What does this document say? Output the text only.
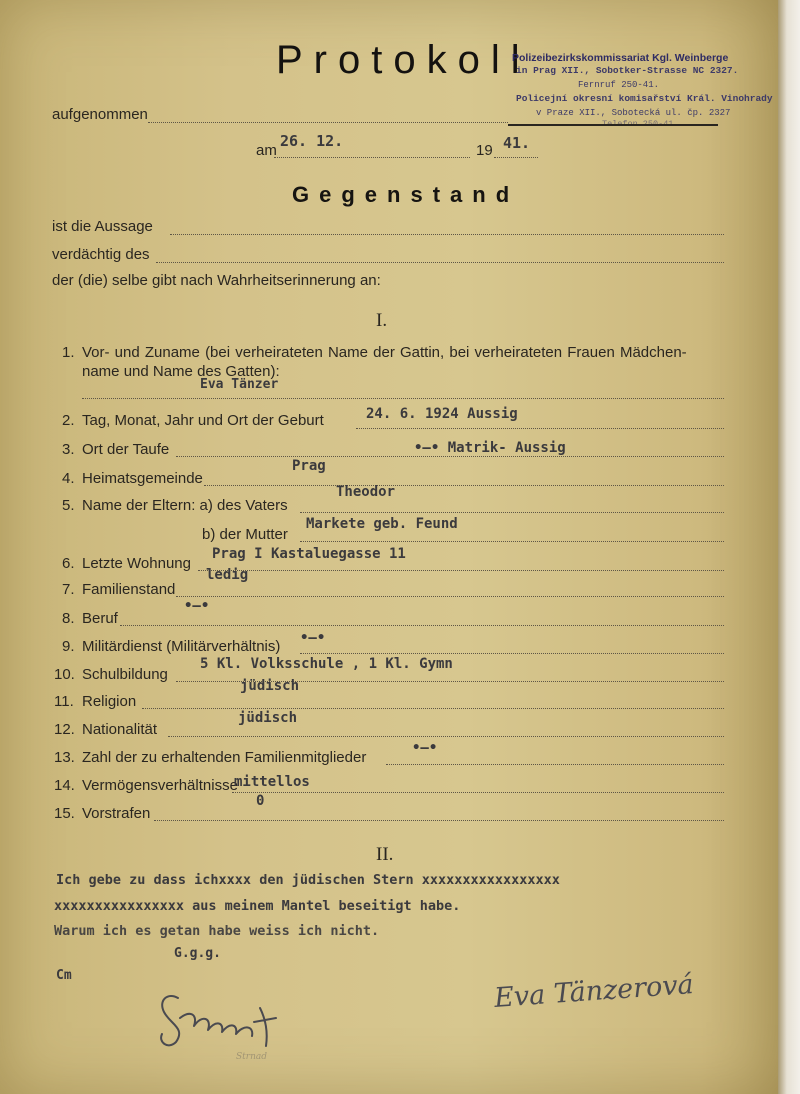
Protokoll
Polizeibezirkskommissariat Kgl. Weinberge
in Prag XII., Sobotker-Strasse NC 2327.
Fernruf 250-41.
Policejní okresní komisařství Král. Vinohrady
v Praze XII., Sobotecká ul. čp. 2327
Telefon 250-41.
aufgenommen
am
26. 12.
19 41.
Gegenstand
ist die Aussage
verdächtig des
der (die) selbe gibt nach Wahrheitserinnerung an:
I.
1. Vor- und Zuname (bei verheirateten Name der Gattin, bei verheirateten Frauen Mädchen-
name und Name des Gatten):
Eva Tänzer
2. Tag, Monat, Jahr und Ort der Geburt	24. 6. 1924 Aussig
3. Ort der Taufe	•—• Matrik- Aussig
4. Heimatsgemeinde
Prag
5. Name der Eltern: a) des Vaters
Theodor
b) der Mutter
Markete geb. Feund
6. Letzte Wohnung
Prag I Kastaluegasse 11
7. Familienstand
ledig
8. Beruf
•—•
9. Militärdienst (Militärverhältnis) •—•
10. Schulbildung
5 Kl. Volksschule , 1 Kl. Gymn
11. Religion
jüdisch
12. Nationalität
jüdisch
13. Zahl der zu erhaltenden Familienmitglieder
•—•
14. Vermögensverhältnisse
mittellos
15. Vorstrafen
0
II.
Ich gebe zu dass ichxxxx den jüdischen Stern xxxxxxxxxxxxxxxxx
xxxxxxxxxxxxxxxx aus meinem Mantel beseitigt habe.
Warum ich es getan habe weiss ich nicht.
G.g.g.
Cm
Strnad
Eva Tänzerová
